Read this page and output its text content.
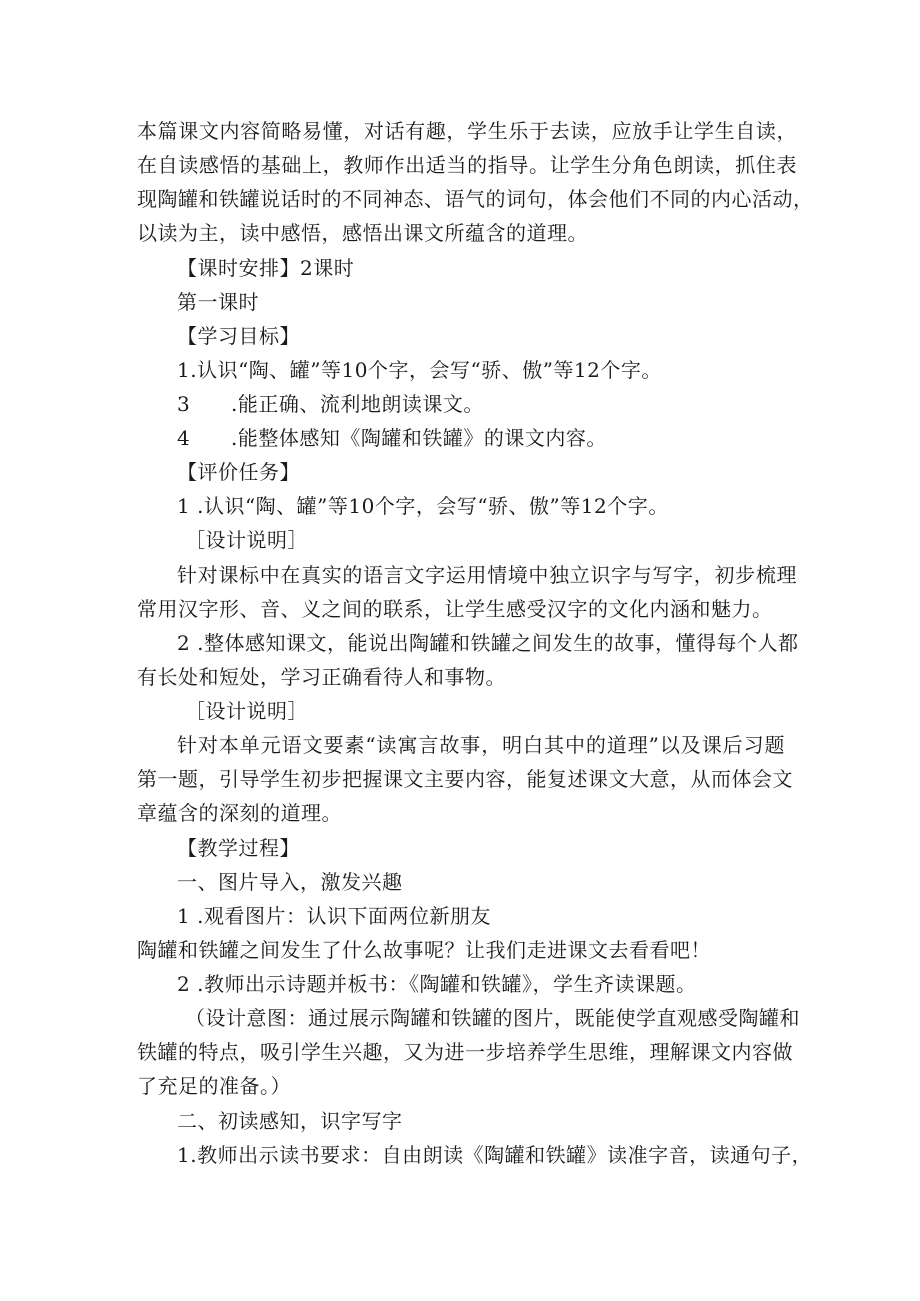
本篇课文内容简略易懂，对话有趣，学生乐于去读，应放手让学生自读，
在自读感悟的基础上，教师作出适当的指导。让学生分角色朗读，抓住表
现陶罐和铁罐说话时的不同神态、语气的词句，体会他们不同的内心活动，
以读为主，读中感悟，感悟出课文所蕴含的道理。
【课时安排】2课时
第一课时
【学习目标】
1.认识“陶、罐”等10个字，会写“骄、傲”等12个字。
3 .能正确、流利地朗读课文。
4 .能整体感知《陶罐和铁罐》的课文内容。
【评价任务】
1 .认识“陶、罐”等10个字，会写“骄、傲”等12个字。
［设计说明］
针对课标中在真实的语言文字运用情境中独立识字与写字，初步梳理
常用汉字形、音、义之间的联系，让学生感受汉字的文化内涵和魅力。
2 .整体感知课文，能说出陶罐和铁罐之间发生的故事，懂得每个人都
有长处和短处，学习正确看待人和事物。
［设计说明］
针对本单元语文要素“读寓言故事，明白其中的道理”以及课后习题
第一题，引导学生初步把握课文主要内容，能复述课文大意，从而体会文
章蕴含的深刻的道理。
【教学过程】
一、图片导入，激发兴趣
1 .观看图片：认识下面两位新朋友
陶罐和铁罐之间发生了什么故事呢？让我们走进课文去看看吧！
2 .教师出示诗题并板书：《陶罐和铁罐》，学生齐读课题。
（设计意图：通过展示陶罐和铁罐的图片，既能使学直观感受陶罐和
铁罐的特点，吸引学生兴趣，又为进一步培养学生思维，理解课文内容做
了充足的准备。）
二、初读感知，识字写字
1.教师出示读书要求：自由朗读《陶罐和铁罐》读准字音，读通句子，
